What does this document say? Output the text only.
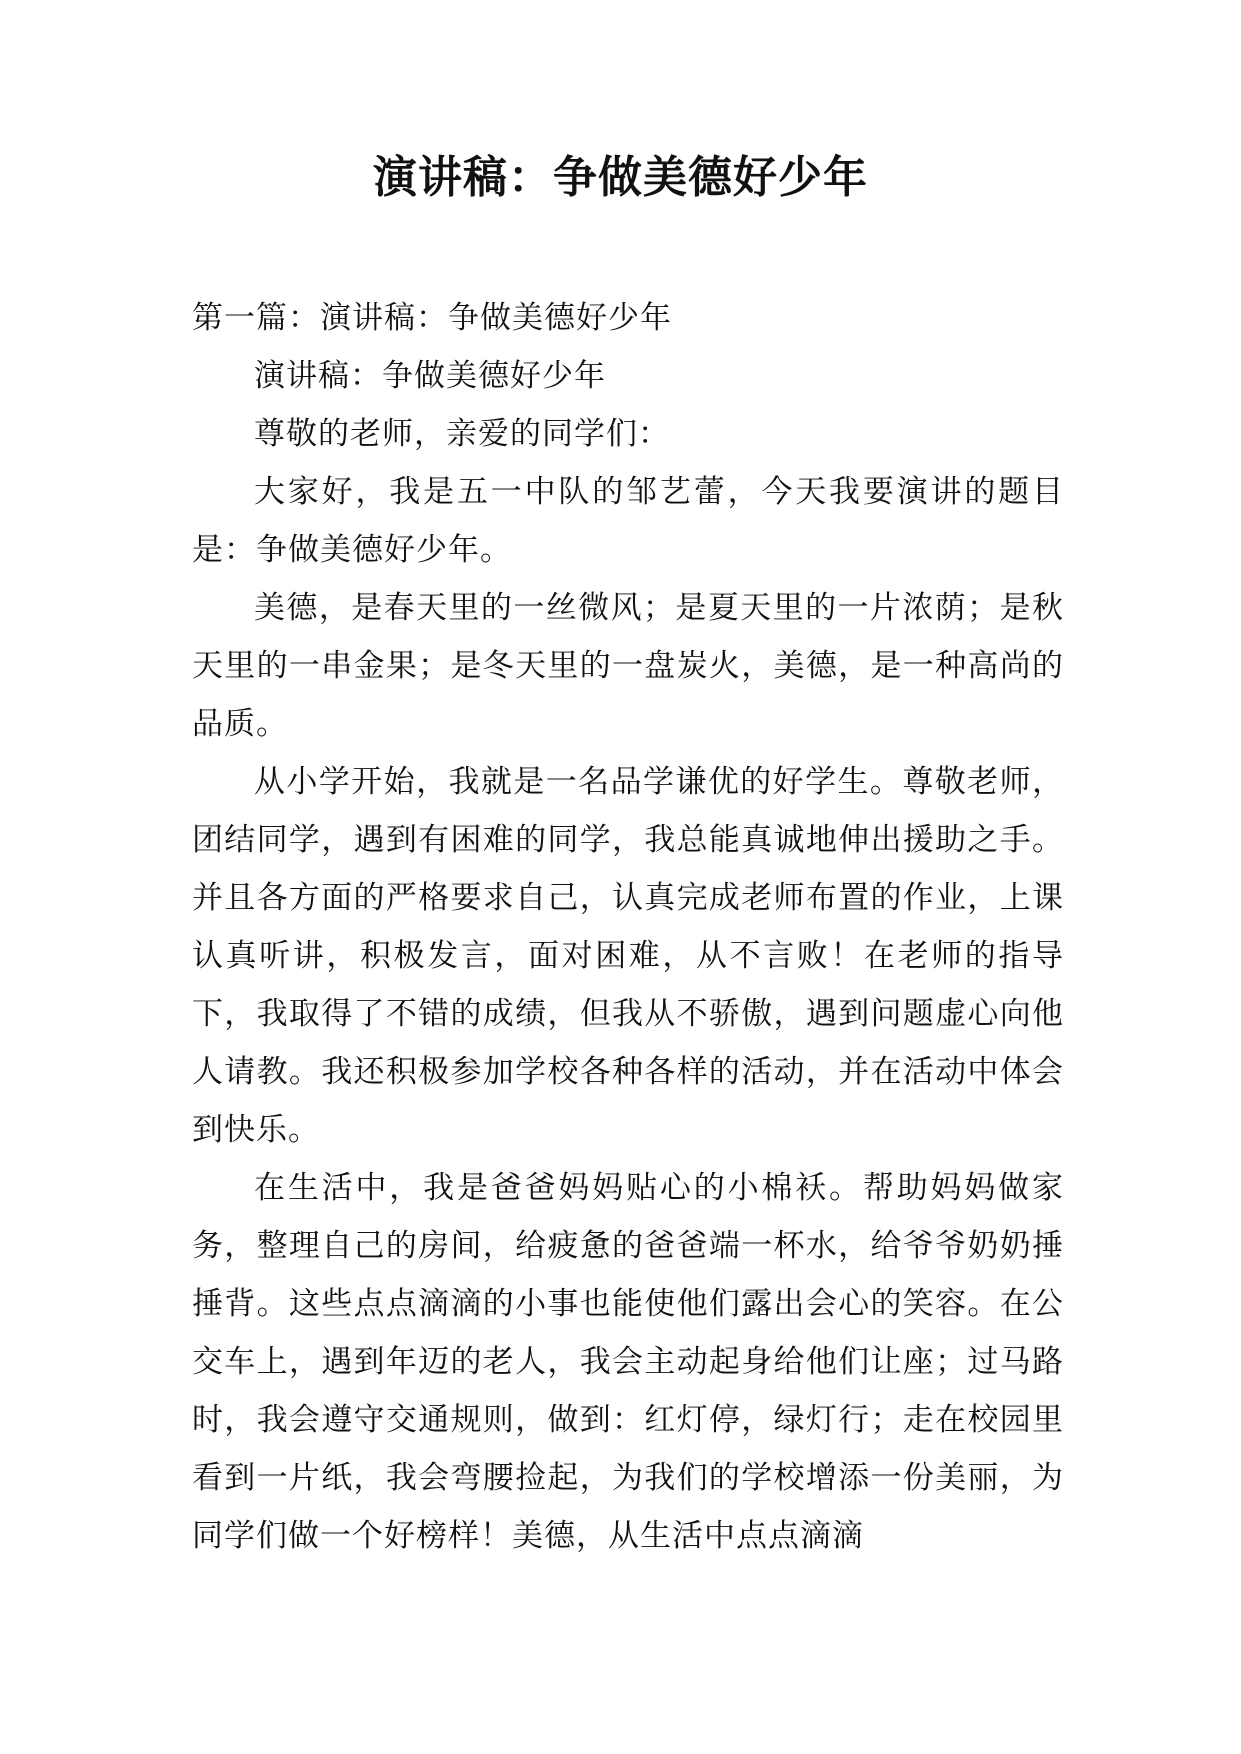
演讲稿：争做美德好少年

第一篇：演讲稿：争做美德好少年

演讲稿：争做美德好少年

尊敬的老师，亲爱的同学们：

大家好，我是五一中队的邹艺蕾，今天我要演讲的题目是：争做美德好少年。

美德，是春天里的一丝微风；是夏天里的一片浓荫；是秋天里的一串金果；是冬天里的一盘炭火，美德，是一种高尚的品质。

从小学开始，我就是一名品学谦优的好学生。尊敬老师，团结同学，遇到有困难的同学，我总能真诚地伸出援助之手。并且各方面的严格要求自己，认真完成老师布置的作业，上课认真听讲，积极发言，面对困难，从不言败！在老师的指导下，我取得了不错的成绩，但我从不骄傲，遇到问题虚心向他人请教。我还积极参加学校各种各样的活动，并在活动中体会到快乐。

在生活中，我是爸爸妈妈贴心的小棉袄。帮助妈妈做家务，整理自己的房间，给疲惫的爸爸端一杯水，给爷爷奶奶捶捶背。这些点点滴滴的小事也能使他们露出会心的笑容。在公交车上，遇到年迈的老人，我会主动起身给他们让座；过马路时，我会遵守交通规则，做到：红灯停，绿灯行；走在校园里看到一片纸，我会弯腰捡起，为我们的学校增添一份美丽，为同学们做一个好榜样！美德，从生活中点点滴滴
